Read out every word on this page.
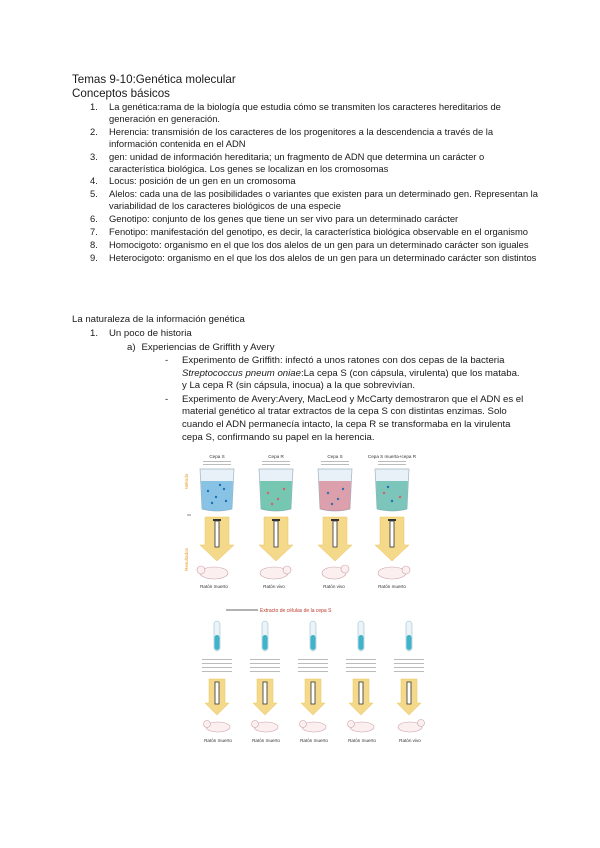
Temas 9-10:Genética molecular
Conceptos básicos
1. La genética:rama de la biología que estudia cómo se transmiten los caracteres hereditarios de generación en generación.
2. Herencia: transmisión de los caracteres de los progenitores a la descendencia a través de la información contenida en el ADN
3. gen: unidad de información hereditaria; un fragmento de ADN que determina un carácter o característica biológica. Los genes se localizan en los cromosomas
4. Locus: posición de un gen en un cromosoma
5. Alelos: cada una de las posibilidades o variantes que existen para un determinado gen. Representan la variabilidad de los caracteres biológicos de una especie
6. Genotipo: conjunto de los genes que tiene un ser vivo para un determinado carácter
7. Fenotipo: manifestación del genotipo, es decir, la característica biológica observable en el organismo
8. Homocigoto: organismo en el que los dos alelos de un gen para un determinado carácter son iguales
9. Heterocigoto: organismo en el que los dos alelos de un gen para un determinado carácter son distintos
La naturaleza de la información genética
1. Un poco de historia
a) Experiencias de Griffith y Avery
- Experimento de Griffith: infectó a unos ratones con dos cepas de la bacteria Streptococcus pneum oniae:La cepa S (con cápsula, virulenta) que los mataba. y La cepa R (sin cápsula, inocua) a la que sobrevivían.
- Experimento de Avery:Avery, MacLeod y McCarty demostraron que el ADN es el material genético al tratar extractos de la cepa S con distintas enzimas. Solo cuando el ADN permanecía intacto, la cepa R se transformaba en la virulenta cepa S, confirmando su papel en la herencia.
Método
Resultados
Cepa S	Cepa R	Cepa S	Cepa S muerta+cepa R
Ratón muerto	Ratón vivo	Ratón vivo	Ratón muerto
Extracto de células de la cepa S
Ratón muerto	Ratón muerto	Ratón muerto	Ratón muerto	Ratón vivo
